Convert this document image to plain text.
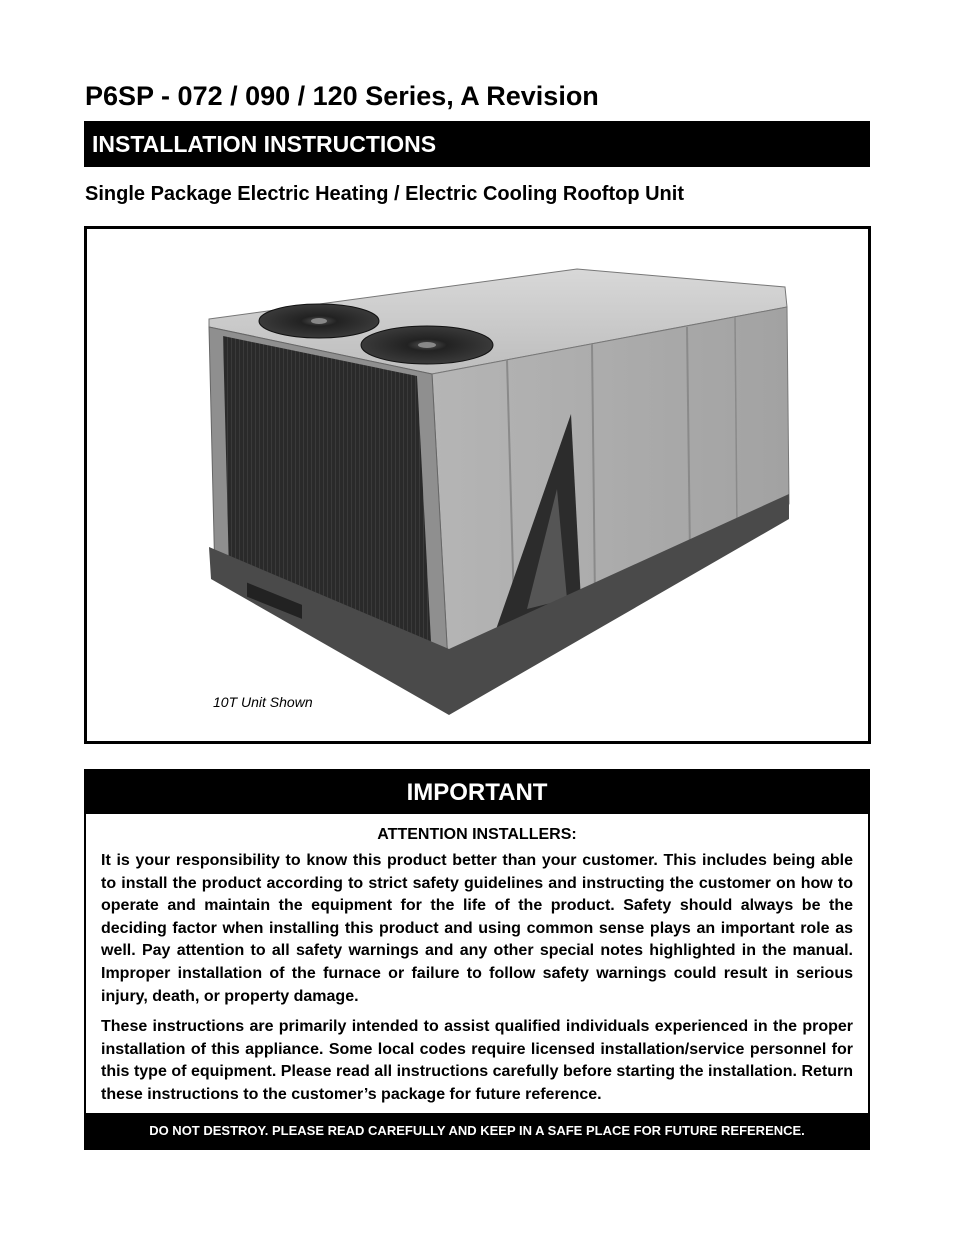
P6SP - 072 / 090 / 120 Series, A Revision
INSTALLATION INSTRUCTIONS
Single Package Electric Heating / Electric Cooling Rooftop Unit
10T Unit Shown
IMPORTANT
ATTENTION INSTALLERS:

It is your responsibility to know this product better than your customer. This includes being able to install the product according to strict safety guidelines and instructing the customer on how to operate and maintain the equipment for the life of the product. Safety should always be the deciding factor when installing this product and using common sense plays an important role as well. Pay attention to all safety warnings and any other special notes highlighted in the manual. Improper installation of the furnace or failure to follow safety warnings could result in serious injury, death, or property damage.

These instructions are primarily intended to assist qualified individuals experienced in the proper installation of this appliance. Some local codes require licensed installation/service personnel for this type of equipment. Please read all instructions carefully before starting the installation. Return these instructions to the customer’s package for future reference.

DO NOT DESTROY. PLEASE READ CAREFULLY AND KEEP IN A SAFE PLACE FOR FUTURE REFERENCE.
